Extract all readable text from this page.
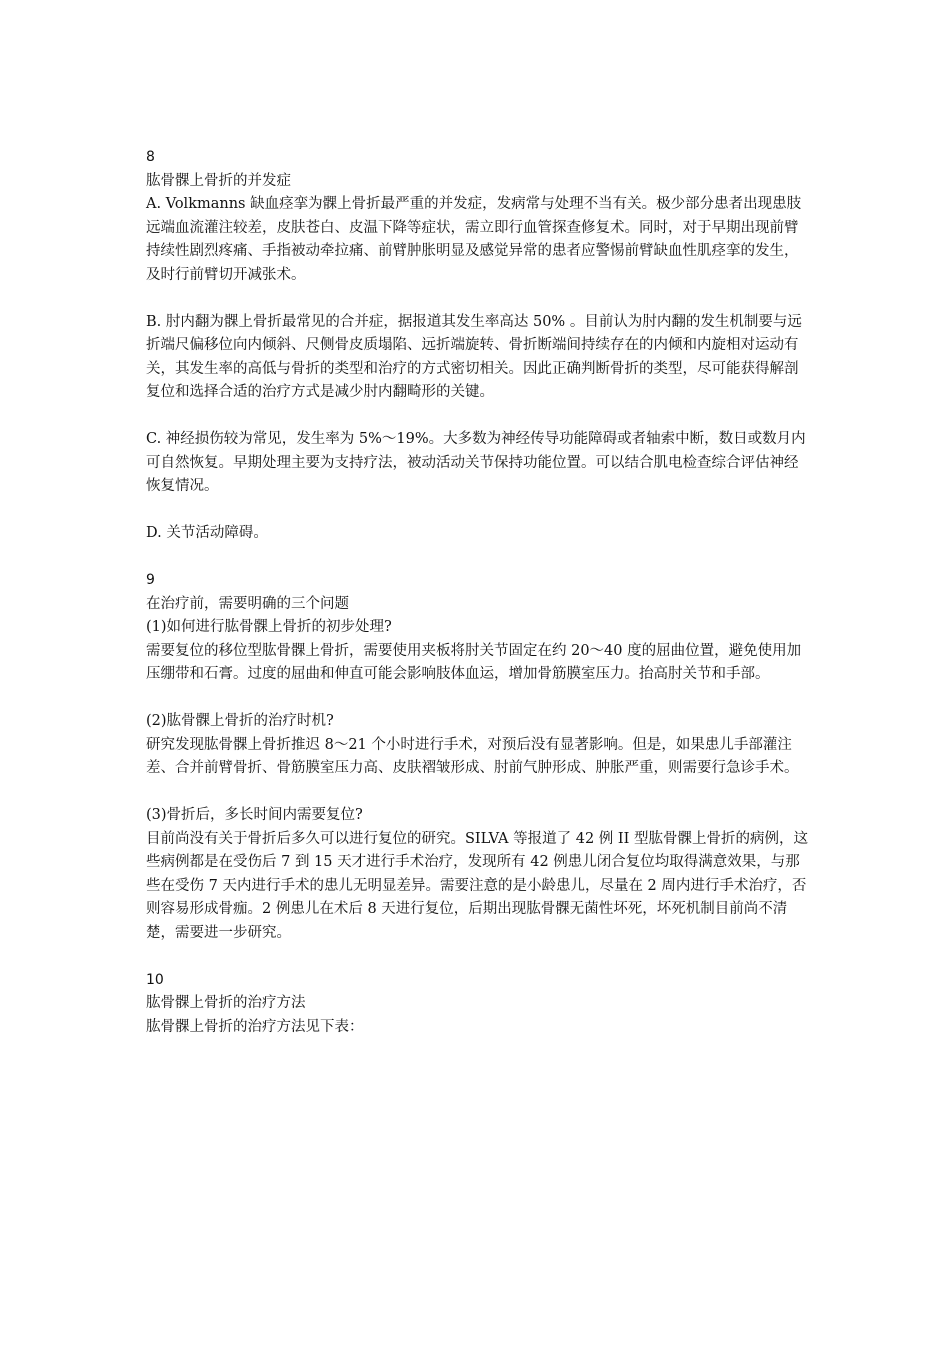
8

肱骨髁上骨折的并发症

A. Volkmanns 缺血痉挛为髁上骨折最严重的并发症，发病常与处理不当有关。极少部分患者出现患肢远端血流灌注较差，皮肤苍白、皮温下降等症状，需立即行血管探查修复术。同时，对于早期出现前臂持续性剧烈疼痛、手指被动牵拉痛、前臂肿胀明显及感觉异常的患者应警惕前臂缺血性肌痉挛的发生，及时行前臂切开减张术。

B. 肘内翻为髁上骨折最常见的合并症，据报道其发生率高达 50% 。目前认为肘内翻的发生机制要与远折端尺偏移位向内倾斜、尺侧骨皮质塌陷、远折端旋转、骨折断端间持续存在的内倾和内旋相对运动有关，其发生率的高低与骨折的类型和治疗的方式密切相关。因此正确判断骨折的类型，尽可能获得解剖复位和选择合适的治疗方式是减少肘内翻畸形的关键。

C. 神经损伤较为常见，发生率为 5%～19%。大多数为神经传导功能障碍或者轴索中断，数日或数月内可自然恢复。早期处理主要为支持疗法，被动活动关节保持功能位置。可以结合肌电检查综合评估神经恢复情况。

D. 关节活动障碍。

9

在治疗前，需要明确的三个问题

(1)如何进行肱骨髁上骨折的初步处理?

需要复位的移位型肱骨髁上骨折，需要使用夹板将肘关节固定在约 20～40 度的屈曲位置，避免使用加压绷带和石膏。过度的屈曲和伸直可能会影响肢体血运，增加骨筋膜室压力。抬高肘关节和手部。

(2)肱骨髁上骨折的治疗时机?

研究发现肱骨髁上骨折推迟 8～21 个小时进行手术，对预后没有显著影响。但是，如果患儿手部灌注差、合并前臂骨折、骨筋膜室压力高、皮肤褶皱形成、肘前气肿形成、肿胀严重，则需要行急诊手术。

(3)骨折后，多长时间内需要复位?

目前尚没有关于骨折后多久可以进行复位的研究。SILVA 等报道了 42 例 II 型肱骨髁上骨折的病例，这些病例都是在受伤后 7 到 15 天才进行手术治疗，发现所有 42 例患儿闭合复位均取得满意效果，与那些在受伤 7 天内进行手术的患儿无明显差异。需要注意的是小龄患儿，尽量在 2 周内进行手术治疗，否则容易形成骨痂。2 例患儿在术后 8 天进行复位，后期出现肱骨髁无菌性坏死，坏死机制目前尚不清楚，需要进一步研究。

10

肱骨髁上骨折的治疗方法

肱骨髁上骨折的治疗方法见下表：
